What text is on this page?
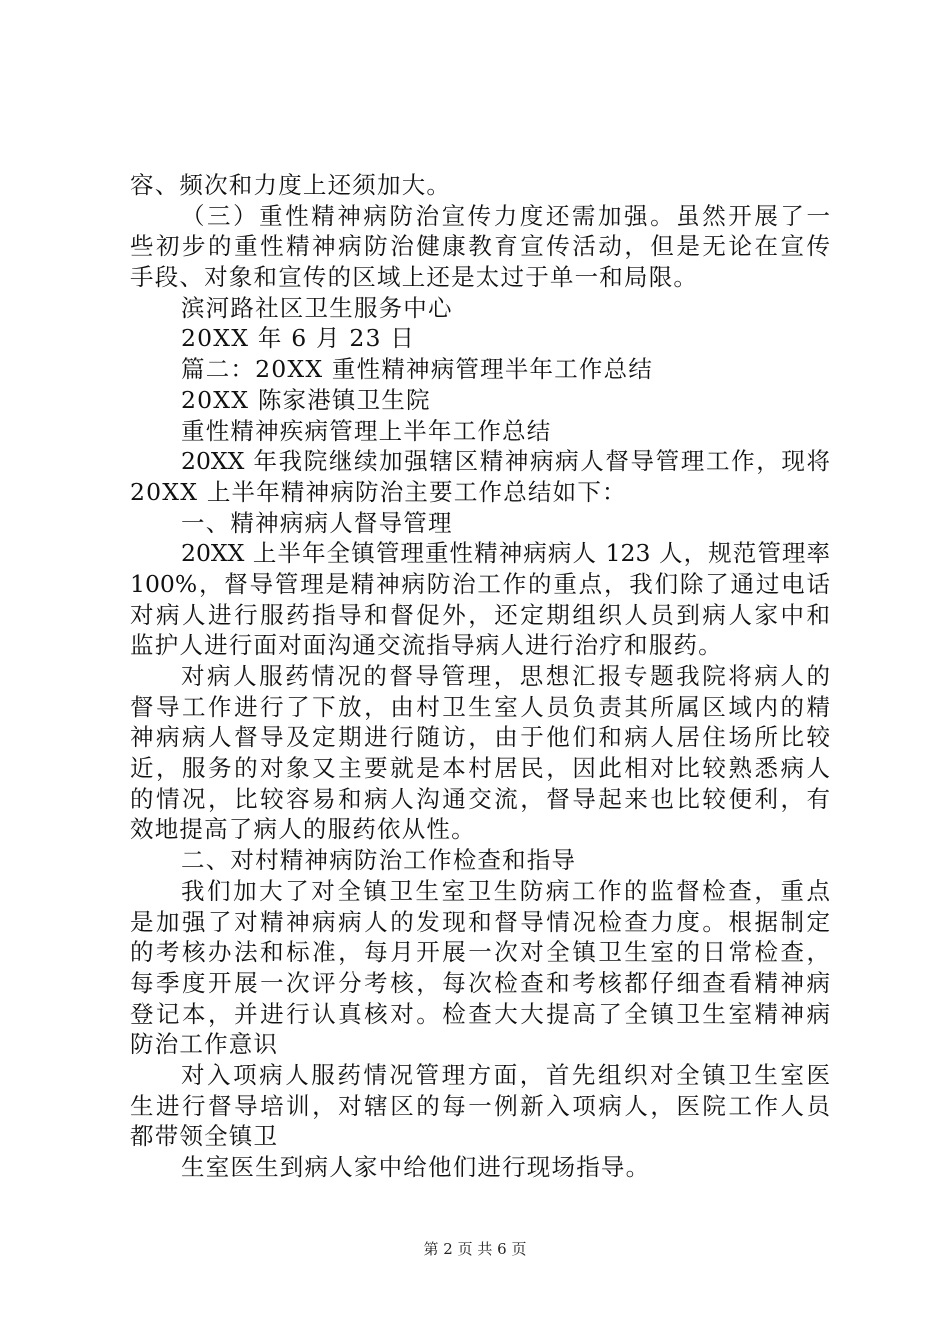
容、频次和力度上还须加大。
（三）重性精神病防治宣传力度还需加强。虽然开展了一
些初步的重性精神病防治健康教育宣传活动，但是无论在宣传
手段、对象和宣传的区域上还是太过于单一和局限。
滨河路社区卫生服务中心
20XX 年 6 月 23 日
篇二：20XX 重性精神病管理半年工作总结
20XX 陈家港镇卫生院
重性精神疾病管理上半年工作总结
20XX 年我院继续加强辖区精神病病人督导管理工作，现将
20XX 上半年精神病防治主要工作总结如下：
一、精神病病人督导管理
20XX 上半年全镇管理重性精神病病人 123 人，规范管理率
100%，督导管理是精神病防治工作的重点，我们除了通过电话
对病人进行服药指导和督促外，还定期组织人员到病人家中和
监护人进行面对面沟通交流指导病人进行治疗和服药。
对病人服药情况的督导管理，思想汇报专题我院将病人的
督导工作进行了下放，由村卫生室人员负责其所属区域内的精
神病病人督导及定期进行随访，由于他们和病人居住场所比较
近，服务的对象又主要就是本村居民，因此相对比较熟悉病人
的情况，比较容易和病人沟通交流，督导起来也比较便利，有
效地提高了病人的服药依从性。
二、对村精神病防治工作检查和指导
我们加大了对全镇卫生室卫生防病工作的监督检查，重点
是加强了对精神病病人的发现和督导情况检查力度。根据制定
的考核办法和标准，每月开展一次对全镇卫生室的日常检查，
每季度开展一次评分考核，每次检查和考核都仔细查看精神病
登记本，并进行认真核对。检查大大提高了全镇卫生室精神病
防治工作意识
对入项病人服药情况管理方面，首先组织对全镇卫生室医
生进行督导培训，对辖区的每一例新入项病人，医院工作人员
都带领全镇卫
生室医生到病人家中给他们进行现场指导。
第 2 页 共 6 页
